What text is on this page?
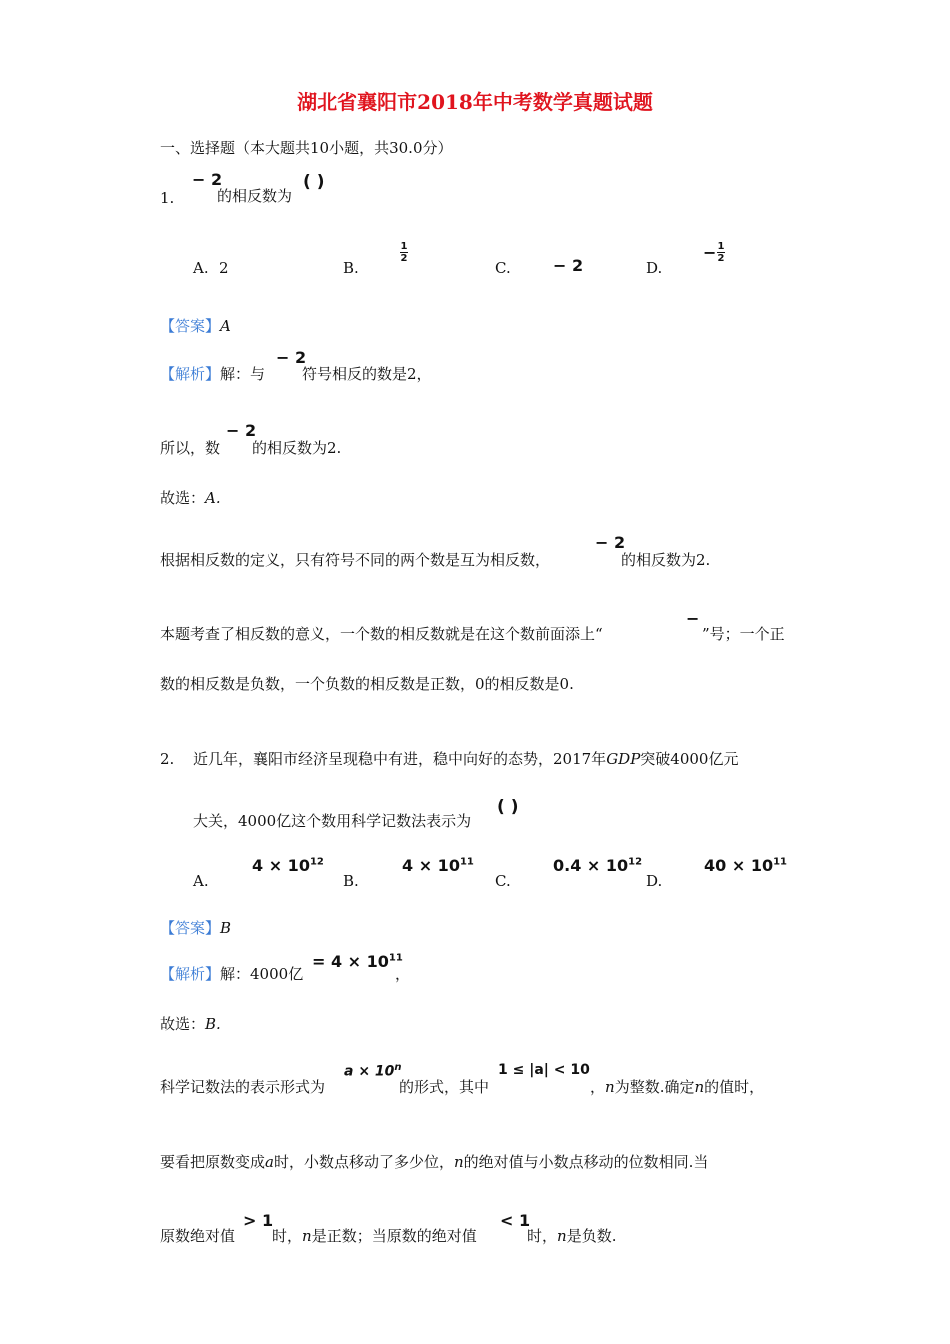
湖北省襄阳市2018年中考数学真题试题
一、选择题（本大题共10小题，共30.0分）
1.
− 2
的相反数为
( )
A. 2	B.
1
2
C.	− 2	D.
− 1
2
【答案】A
【解析】解：与
− 2
符号相反的数是2，
所以，数
− 2
的相反数为2.
故选：A.
根据相反数的定义，只有符号不同的两个数是互为相反数，
− 2
的相反数为2.
本题考查了相反数的意义，一个数的相反数就是在这个数前面添上“
−
”号；一个正
数的相反数是负数，一个负数的相反数是正数，0的相反数是0.
2. 近几年，襄阳市经济呈现稳中有进，稳中向好的态势，2017年GDP突破4000亿元
大关，4000亿这个数用科学记数法表示为
( )
A.
$4 \times 10^{12}$
B.
$4 \times 10^{11}$
C.
$0.4 \times 10^{12}$
D.
$40 \times 10^{11}$
【答案】B
【解析】解：4000亿
= $4 \times 10^{11}$
，
故选：B.
科学记数法的表示形式为
$a \times 10^n$
的形式，其中
1 ≤ |a| < 10
，n为整数.确定n的值时，
要看把原数变成a时，小数点移动了多少位，n的绝对值与小数点移动的位数相同.当
原数绝对值
> 1
时，n是正数；当原数的绝对值
< 1
时，n是负数.
